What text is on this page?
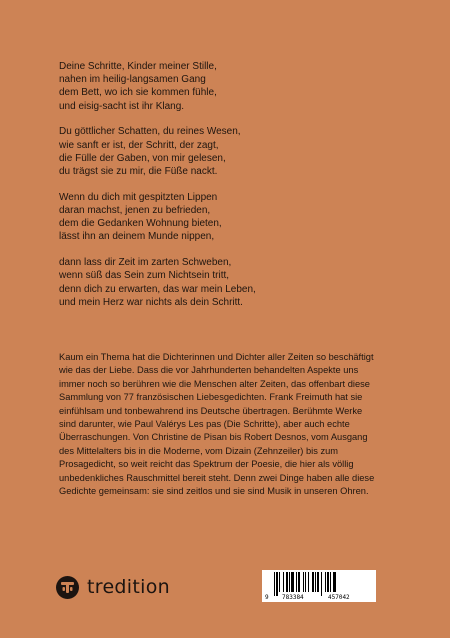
Deine Schritte, Kinder meiner Stille,
nahen im heilig-langsamen Gang
dem Bett, wo ich sie kommen fühle,
und eisig-sacht ist ihr Klang.
Du göttlicher Schatten, du reines Wesen,
wie sanft er ist, der Schritt, der zagt,
die Fülle der Gaben, von mir gelesen,
du trägst sie zu mir, die Füße nackt.
Wenn du dich mit gespitzten Lippen
daran machst, jenen zu befrieden,
dem die Gedanken Wohnung bieten,
lässt ihn an deinem Munde nippen,
dann lass dir Zeit im zarten Schweben,
wenn süß das Sein zum Nichtsein tritt,
denn dich zu erwarten, das war mein Leben,
und mein Herz war nichts als dein Schritt.
Kaum ein Thema hat die Dichterinnen und Dichter aller Zeiten so beschäftigt
wie das der Liebe. Dass die vor Jahrhunderten behandelten Aspekte uns
immer noch so berühren wie die Menschen alter Zeiten, das offenbart diese
Sammlung von 77 französischen Liebesgedichten. Frank Freimuth hat sie
einfühlsam und tonbewahrend ins Deutsche übertragen. Berühmte Werke
sind darunter, wie Paul Valérys Les pas (Die Schritte), aber auch echte
Überraschungen. Von Christine de Pisan bis Robert Desnos, vom Ausgang
des Mittelalters bis in die Moderne, vom Dizain (Zehnzeiler) bis zum
Prosagedicht, so weit reicht das Spektrum der Poesie, die hier als völlig
unbedenkliches Rauschmittel bereit steht. Denn zwei Dinge haben alle diese
Gedichte gemeinsam: sie sind zeitlos und sie sind Musik in unseren Ohren.
tredition	9 783384	457042
